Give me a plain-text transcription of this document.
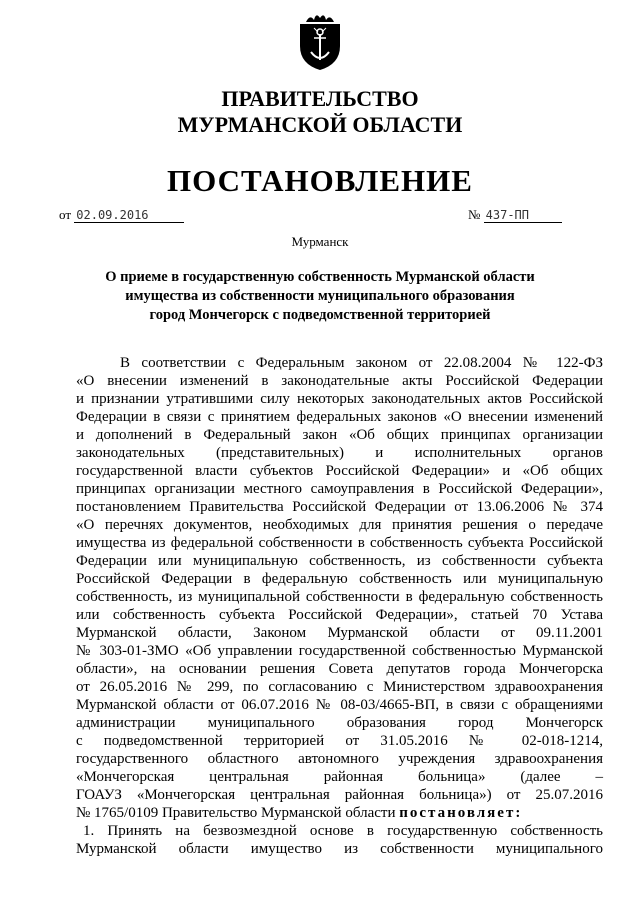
ПРАВИТЕЛЬСТВО
МУРМАНСКОЙ ОБЛАСТИ
ПОСТАНОВЛЕНИЕ
от 02.09.2016	№ 437-ПП
Мурманск
О приеме в государственную собственность Мурманской области
имущества из собственности муниципального образования
город Мончегорск с подведомственной территорией
В соответствии с Федеральным законом от 22.08.2004 № 122-ФЗ
«О внесении изменений в законодательные акты Российской Федерации
и признании утратившими силу некоторых законодательных актов Российской
Федерации в связи с принятием федеральных законов «О внесении изменений
и дополнений в Федеральный закон «Об общих принципах организации
законодательных (представительных) и исполнительных органов
государственной власти субъектов Российской Федерации» и «Об общих
принципах организации местного самоуправления в Российской Федерации»,
постановлением Правительства Российской Федерации от 13.06.2006 № 374
«О перечнях документов, необходимых для принятия решения о передаче
имущества из федеральной собственности в собственность субъекта Российской
Федерации или муниципальную собственность, из собственности субъекта
Российской Федерации в федеральную собственность или муниципальную
собственность, из муниципальной собственности в федеральную собственность
или собственность субъекта Российской Федерации», статьей 70 Устава
Мурманской области, Законом Мурманской области от 09.11.2001
№ 303-01-ЗМО «Об управлении государственной собственностью Мурманской
области», на основании решения Совета депутатов города Мончегорска
от 26.05.2016 № 299, по согласованию с Министерством здравоохранения
Мурманской области от 06.07.2016 № 08-03/4665-ВП, в связи с обращениями
администрации муниципального образования город Мончегорск
с подведомственной территорией от 31.05.2016 № 02-018-1214,
государственного областного автономного учреждения здравоохранения
«Мончегорская центральная районная больница» (далее –
ГОАУЗ «Мончегорская центральная районная больница») от 25.07.2016
№ 1765/0109 Правительство Мурманской области постановляет:
1. Принять на безвозмездной основе в государственную собственность
Мурманской области имущество из собственности муниципального
